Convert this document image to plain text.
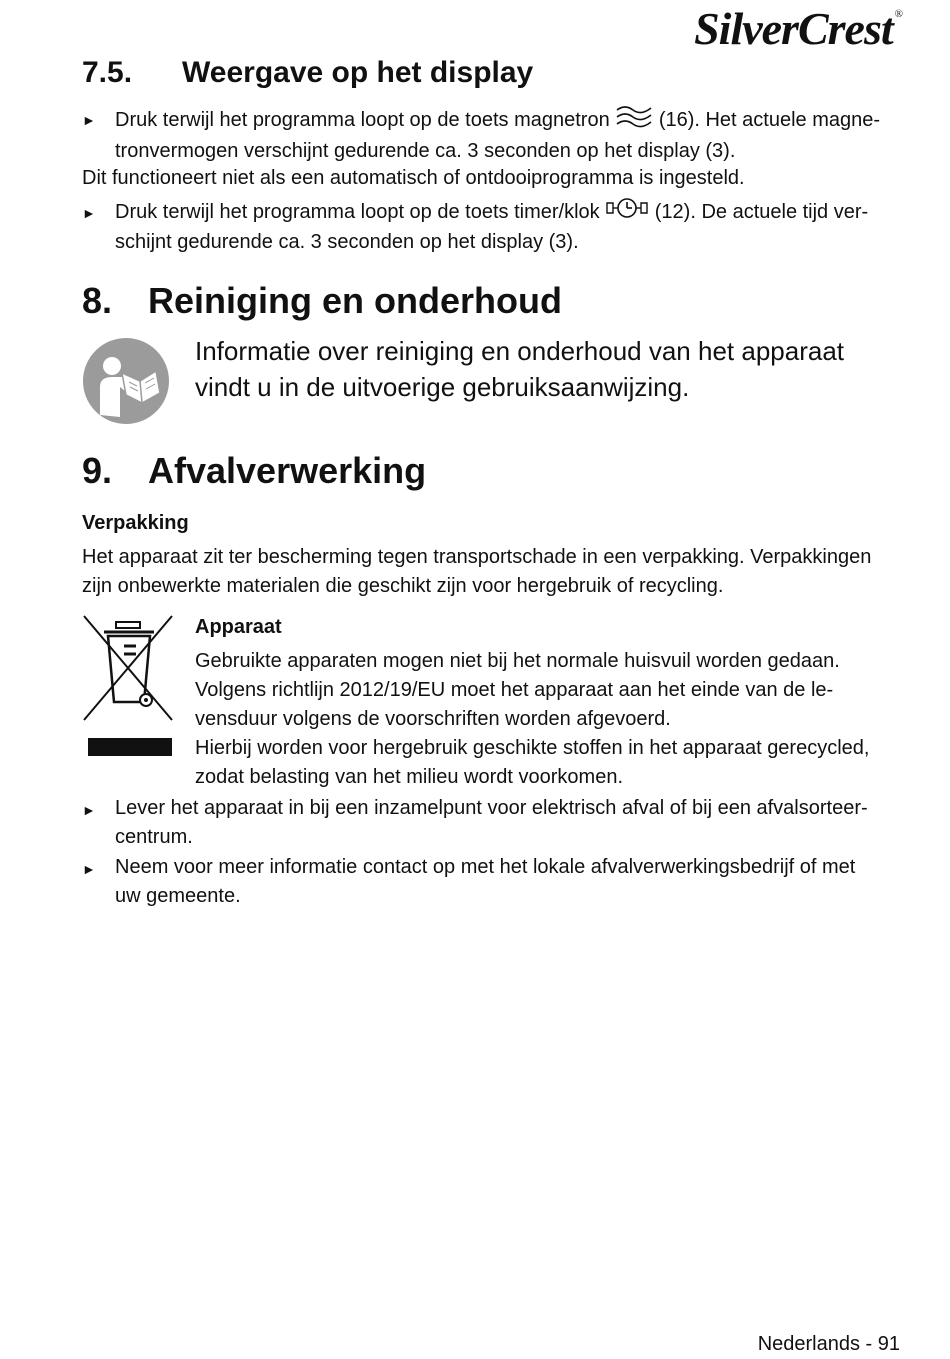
SilverCrest ®
7.5. Weergave op het display
► Druk terwijl het programma loopt op de toets magnetron (16). Het actuele magne-
tronvermogen verschijnt gedurende ca. 3 seconden op het display (3).
Dit functioneert niet als een automatisch of ontdooiprogramma is ingesteld.
► Druk terwijl het programma loopt op de toets timer/klok	(12). De actuele tijd ver-
schijnt gedurende ca. 3 seconden op het display (3).
8. Reiniging en onderhoud
Informatie over reiniging en onderhoud van het apparaat
vindt u in de uitvoerige gebruiksaanwijzing.
9. Afvalverwerking
Verpakking
Het apparaat zit ter bescherming tegen transportschade in een verpakking. Verpakkingen
zijn onbewerkte materialen die geschikt zijn voor hergebruik of recycling.
Apparaat
Gebruikte apparaten mogen niet bij het normale huisvuil worden gedaan.
Volgens richtlijn 2012/19/EU moet het apparaat aan het einde van de le-
vensduur volgens de voorschriften worden afgevoerd.
Hierbij worden voor hergebruik geschikte stoffen in het apparaat gerecycled,
zodat belasting van het milieu wordt voorkomen.
► Lever het apparaat in bij een inzamelpunt voor elektrisch afval of bij een afvalsorteer-
centrum.
► Neem voor meer informatie contact op met het lokale afvalverwerkingsbedrijf of met
uw gemeente.
Nederlands - 91
